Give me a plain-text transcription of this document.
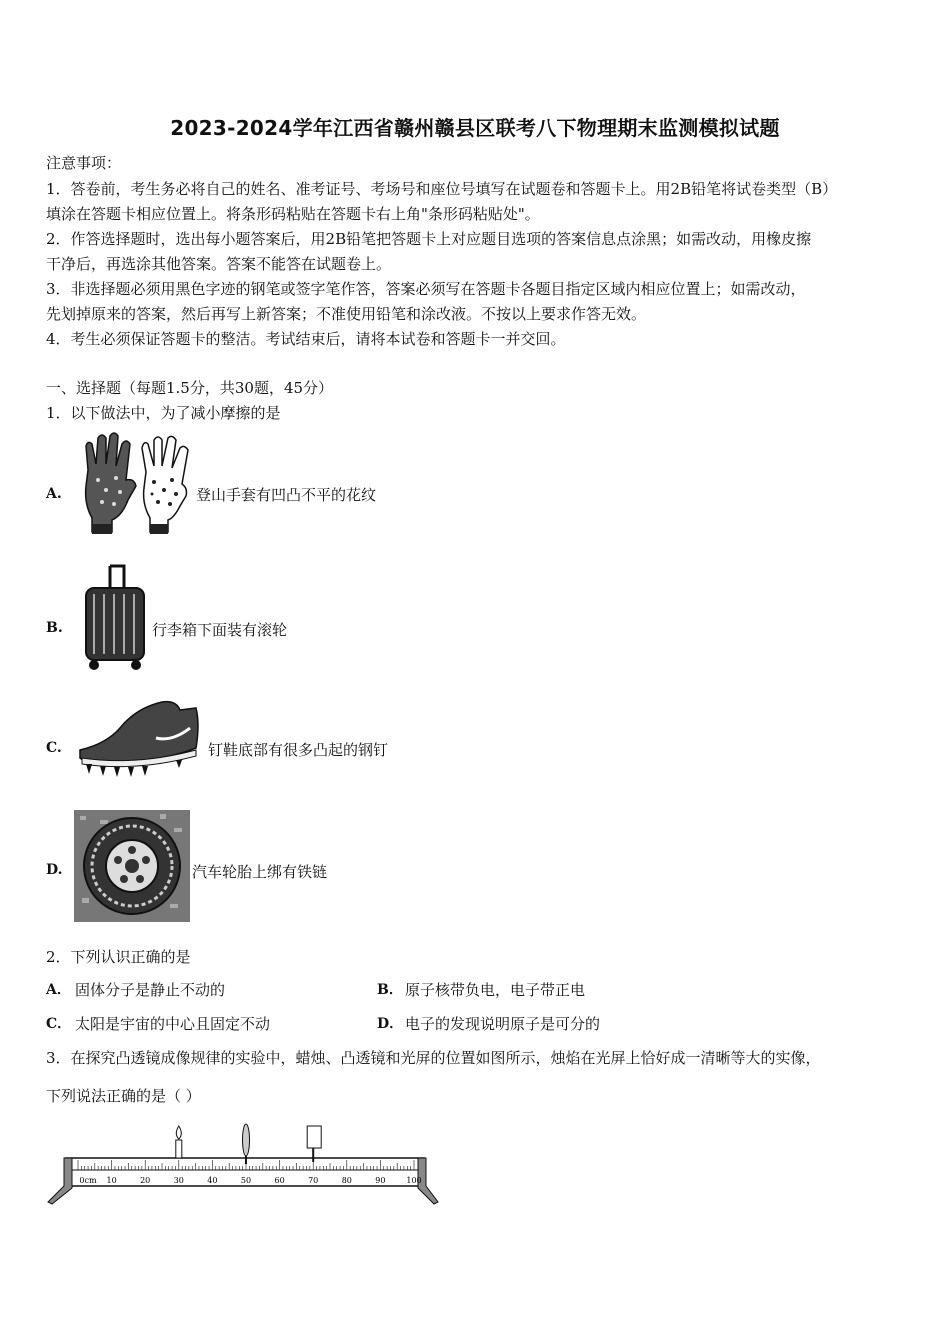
2023-2024学年江西省赣州赣县区联考八下物理期末监测模拟试题
注意事项：
1．答卷前，考生务必将自己的姓名、准考证号、考场号和座位号填写在试题卷和答题卡上。用2B铅笔将试卷类型（B）
填涂在答题卡相应位置上。将条形码粘贴在答题卡右上角"条形码粘贴处"。
2．作答选择题时，选出每小题答案后，用2B铅笔把答题卡上对应题目选项的答案信息点涂黑；如需改动，用橡皮擦
干净后，再选涂其他答案。答案不能答在试题卷上。
3．非选择题必须用黑色字迹的钢笔或签字笔作答，答案必须写在答题卡各题目指定区域内相应位置上；如需改动，
先划掉原来的答案，然后再写上新答案；不准使用铅笔和涂改液。不按以上要求作答无效。
4．考生必须保证答题卡的整洁。考试结束后，请将本试卷和答题卡一并交回。
一、选择题（每题1.5分，共30题，45分）
1．以下做法中，为了减小摩擦的是
A.	登山手套有凹凸不平的花纹
B.	行李箱下面装有滚轮
C.	钉鞋底部有很多凸起的钢钉
D.	汽车轮胎上绑有铁链
2．下列认识正确的是
A． 固体分子是静止不动的	B． 原子核带负电，电子带正电
C． 太阳是宇宙的中心且固定不动	D． 电子的发现说明原子是可分的
3．在探究凸透镜成像规律的实验中，蜡烛、凸透镜和光屏的位置如图所示，烛焰在光屏上恰好成一清晰等大的实像，
下列说法正确的是（ ）
0cm 10	20	30	40	50	60	70	80	90	100
